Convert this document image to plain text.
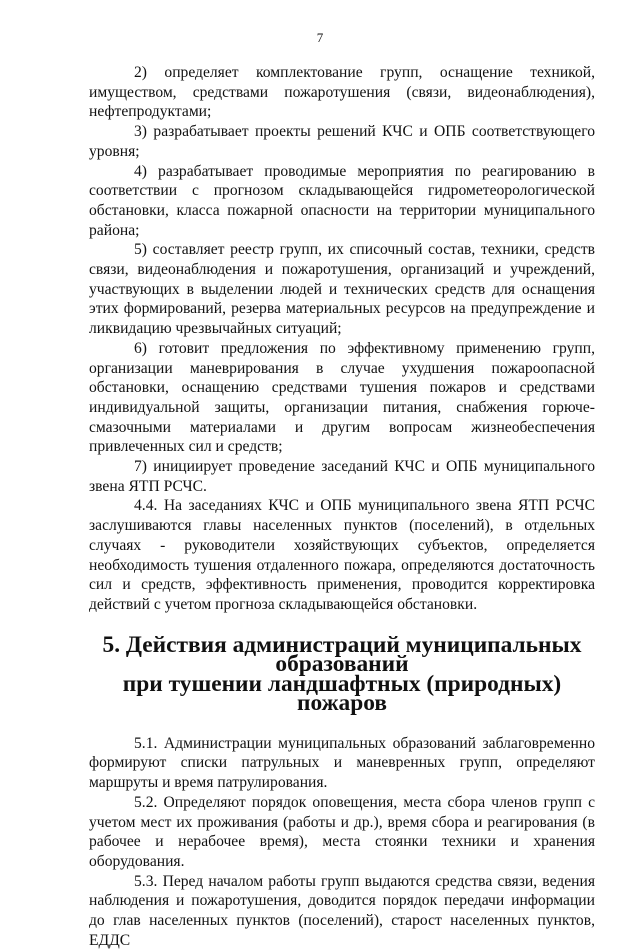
7

2) определяет комплектование групп, оснащение техникой, имуществом, средствами пожаротушения (связи, видеонаблюдения), нефтепродуктами;

3) разрабатывает проекты решений КЧС и ОПБ соответствующего уровня;

4) разрабатывает проводимые мероприятия по реагированию в соответствии с прогнозом складывающейся гидрометеорологической обстановки, класса пожарной опасности на территории муниципального района;

5) составляет реестр групп, их списочный состав, техники, средств связи, видеонаблюдения и пожаротушения, организаций и учреждений, участвующих в выделении людей и технических средств для оснащения этих формирований, резерва материальных ресурсов на предупреждение и ликвидацию чрезвычайных ситуаций;

6) готовит предложения по эффективному применению групп, организации маневрирования в случае ухудшения пожароопасной обстановки, оснащению средствами тушения пожаров и средствами индивидуальной защиты, организации питания, снабжения горюче-смазочными материалами и другим вопросам жизнеобеспечения привлеченных сил и средств;

7) инициирует проведение заседаний КЧС и ОПБ муниципального звена ЯТП РСЧС.

4.4. На заседаниях КЧС и ОПБ муниципального звена ЯТП РСЧС заслушиваются главы населенных пунктов (поселений), в отдельных случаях - руководители хозяйствующих субъектов, определяется необходимость тушения отдаленного пожара, определяются достаточность сил и средств, эффективность применения, проводится корректировка действий с учетом прогноза складывающейся обстановки.

5. Действия администраций муниципальных образований
при тушении ландшафтных (природных) пожаров

5.1. Администрации муниципальных образований заблаговременно формируют списки патрульных и маневренных групп, определяют маршруты и время патрулирования.

5.2. Определяют порядок оповещения, места сбора членов групп с учетом мест их проживания (работы и др.), время сбора и реагирования (в рабочее и нерабочее время), места стоянки техники и хранения оборудования.

5.3. Перед началом работы групп выдаются средства связи, ведения наблюдения и пожаротушения, доводится порядок передачи информации до глав населенных пунктов (поселений), старост населенных пунктов, ЕДДС
